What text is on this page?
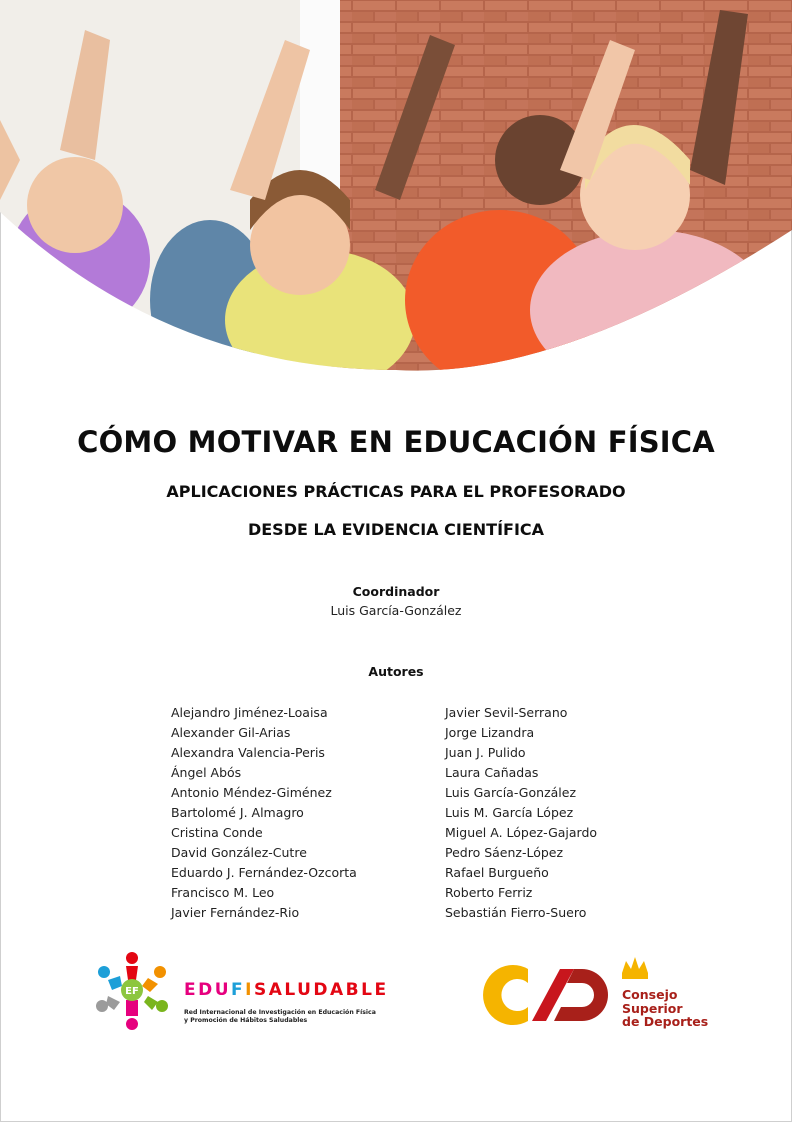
CÓMO MOTIVAR EN EDUCACIÓN FÍSICA
APLICACIONES PRÁCTICAS PARA EL PROFESORADO
DESDE LA EVIDENCIA CIENTÍFICA
Coordinador
Luis García-González
Autores
Alejandro Jiménez-Loaisa
Alexander Gil-Arias
Alexandra Valencia-Peris
Ángel Abós
Antonio Méndez-Giménez
Bartolomé J. Almagro
Cristina Conde
David González-Cutre
Eduardo J. Fernández-Ozcorta
Francisco M. Leo
Javier Fernández-Rio
Javier Sevil-Serrano
Jorge Lizandra
Juan J. Pulido
Laura Cañadas
Luis García-González
Luis M. García López
Miguel A. López-Gajardo
Pedro Sáenz-López
Rafael Burgueño
Roberto Ferriz
Sebastián Fierro-Suero
EF	EDUFISALUDABLE
Red Internacional de Investigación en Educación Física
y Promoción de Hábitos Saludables
Consejo
Superior
de Deportes
